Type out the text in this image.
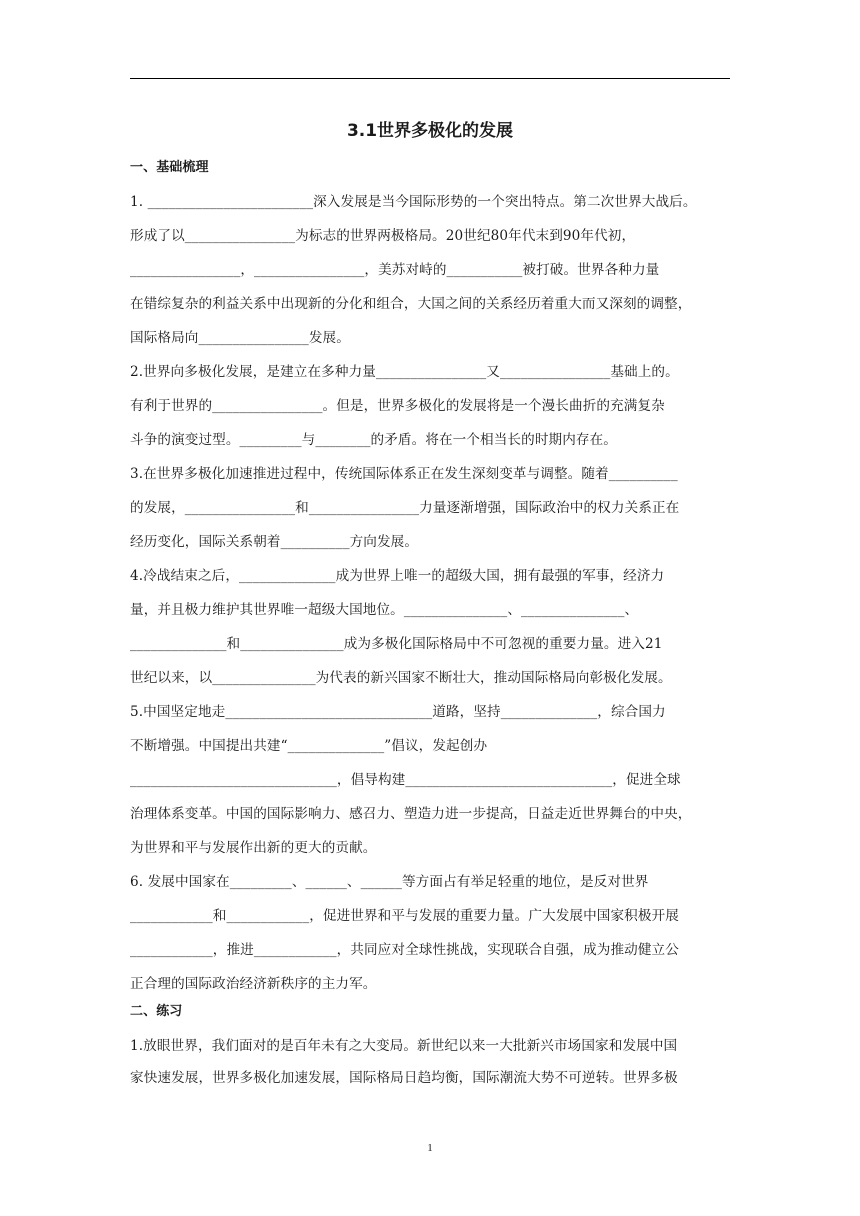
3.1世界多极化的发展
一、基础梳理
1. ________________________深入发展是当今国际形势的一个突出特点。第二次世界大战后。
形成了以________________为标志的世界两极格局。20世纪80年代末到90年代初，
________________，________________，美苏对峙的___________被打破。世界各种力量
在错综复杂的利益关系中出现新的分化和组合，大国之间的关系经历着重大而又深刻的调整，
国际格局向________________发展。
2.世界向多极化发展，是建立在多种力量________________又________________基础上的。
有利于世界的________________。但是，世界多极化的发展将是一个漫长曲折的充满复杂
斗争的演变过型。_________与________的矛盾。将在一个相当长的时期内存在。
3.在世界多极化加速推进过程中，传统国际体系正在发生深刻变革与调整。随着__________
的发展，________________和________________力量逐渐增强，国际政治中的权力关系正在
经历变化，国际关系朝着__________方向发展。
4.冷战结束之后，______________成为世界上唯一的超级大国，拥有最强的军事，经济力
量，并且极力维护其世界唯一超级大国地位。_______________、_______________、
______________和_______________成为多极化国际格局中不可忽视的重要力量。进入21
世纪以来，以_______________为代表的新兴国家不断壮大，推动国际格局向彰极化发展。
5.中国坚定地走______________________________道路，坚持______________，综合国力
不断增强。中国提出共建“______________”倡议，发起创办
______________________________，倡导构建______________________________，促进全球
治理体系变革。中国的国际影响力、感召力、塑造力进一步提高，日益走近世界舞台的中央，
为世界和平与发展作出新的更大的贡献。
6. 发展中国家在_________、______、______等方面占有举足轻重的地位，是反对世界
____________和____________，促进世界和平与发展的重要力量。广大发展中国家积极开展
____________，推进____________，共同应对全球性挑战，实现联合自强，成为推动健立公
正合理的国际政治经济新秩序的主力军。
二、练习
1.放眼世界，我们面对的是百年未有之大变局。新世纪以来一大批新兴市场国家和发展中国
家快速发展，世界多极化加速发展，国际格局日趋均衡，国际潮流大势不可逆转。世界多极
1
